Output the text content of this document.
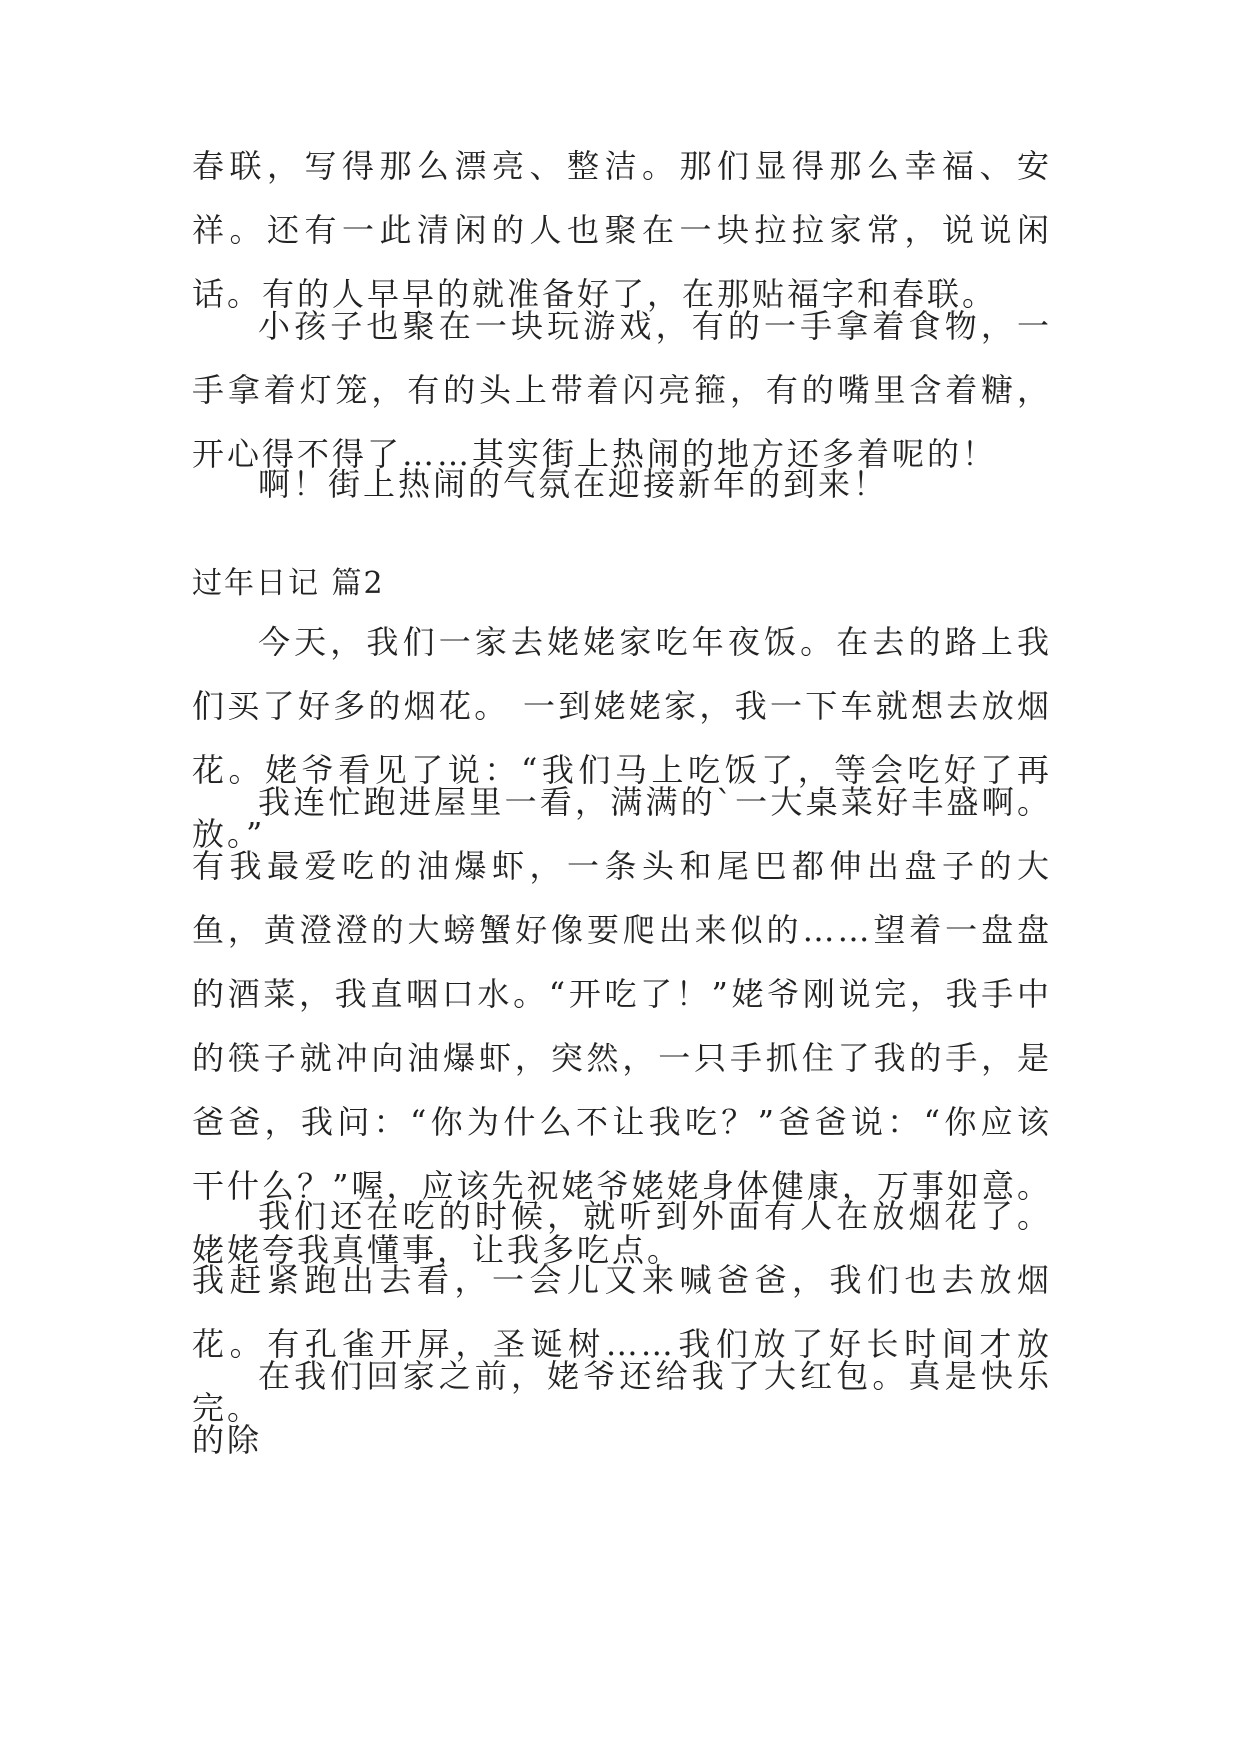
春联，写得那么漂亮、整洁。那们显得那么幸福、安祥。还有一此清闲的人也聚在一块拉拉家常，说说闲话。有的人早早的就准备好了，在那贴福字和春联。

小孩子也聚在一块玩游戏，有的一手拿着食物，一手拿着灯笼，有的头上带着闪亮箍，有的嘴里含着糖，开心得不得了……其实街上热闹的地方还多着呢的！

啊！街上热闹的气氛在迎接新年的到来！

过年日记 篇2

今天，我们一家去姥姥家吃年夜饭。在去的路上我们买了好多的烟花。 一到姥姥家，我一下车就想去放烟花。姥爷看见了说：“我们马上吃饭了，等会吃好了再放。”

我连忙跑进屋里一看，满满的`一大桌菜好丰盛啊。有我最爱吃的油爆虾，一条头和尾巴都伸出盘子的大鱼，黄澄澄的大螃蟹好像要爬出来似的……望着一盘盘的酒菜，我直咽口水。“开吃了！”姥爷刚说完，我手中的筷子就冲向油爆虾，突然，一只手抓住了我的手，是爸爸，我问：“你为什么不让我吃？”爸爸说：“你应该干什么？”喔，应该先祝姥爷姥姥身体健康，万事如意。姥姥夸我真懂事，让我多吃点。

我们还在吃的时候，就听到外面有人在放烟花了。我赶紧跑出去看，一会儿又来喊爸爸，我们也去放烟花。有孔雀开屏，圣诞树……我们放了好长时间才放完。

在我们回家之前，姥爷还给我了大红包。真是快乐的除
